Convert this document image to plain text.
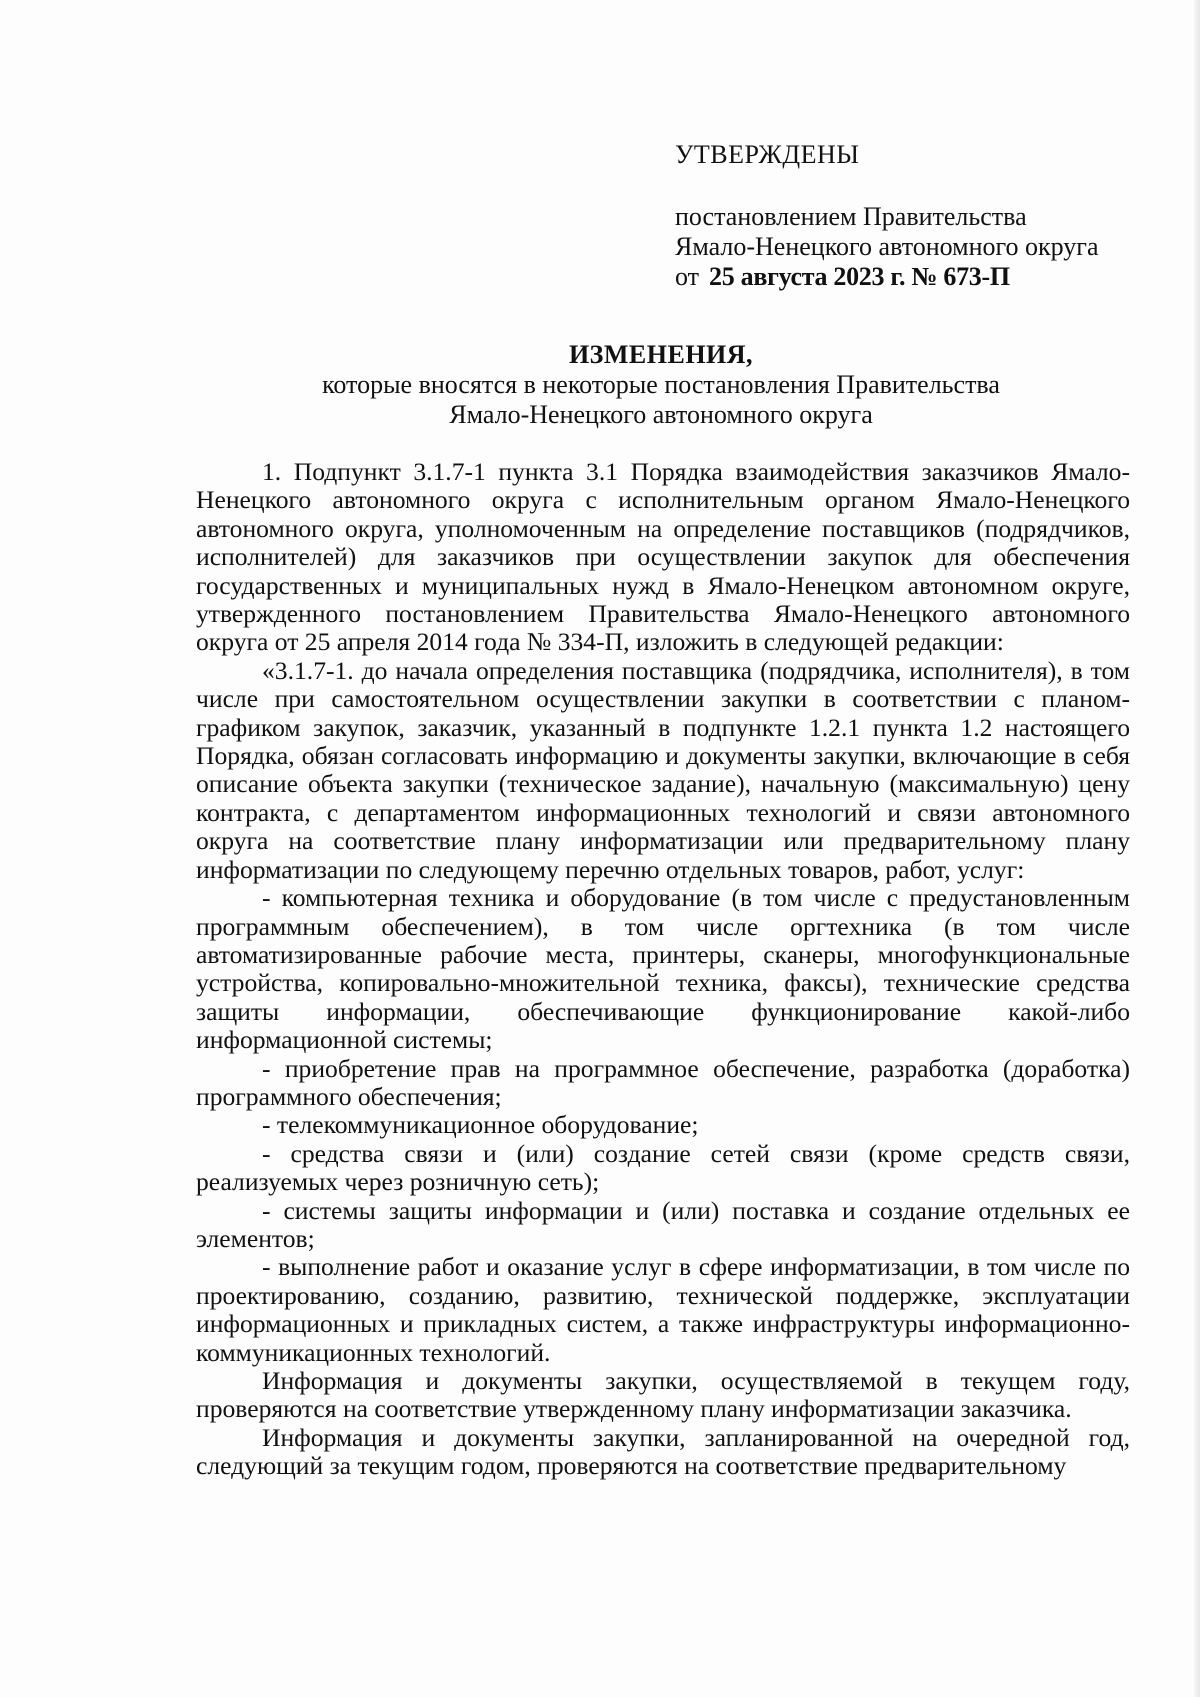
УТВЕРЖДЕНЫ

постановлением Правительства

Ямало-Ненецкого автономного округа

от 25 августа 2023 г. № 673-П

ИЗМЕНЕНИЯ,

которые вносятся в некоторые постановления Правительства

Ямало-Ненецкого автономного округа

1. Подпункт 3.1.7-1 пункта 3.1 Порядка взаимодействия заказчиков Ямало-Ненецкого автономного округа с исполнительным органом Ямало-Ненецкого автономного округа, уполномоченным на определение поставщиков (подрядчиков, исполнителей) для заказчиков при осуществлении закупок для обеспечения государственных и муниципальных нужд в Ямало-Ненецком автономном округе, утвержденного постановлением Правительства Ямало-Ненецкого автономного округа от 25 апреля 2014 года № 334-П, изложить в следующей редакции:

«3.1.7-1. до начала определения поставщика (подрядчика, исполнителя), в том числе при самостоятельном осуществлении закупки в соответствии с планом-графиком закупок, заказчик, указанный в подпункте 1.2.1 пункта 1.2 настоящего Порядка, обязан согласовать информацию и документы закупки, включающие в себя описание объекта закупки (техническое задание), начальную (максимальную) цену контракта, с департаментом информационных технологий и связи автономного округа на соответствие плану информатизации или предварительному плану информатизации по следующему перечню отдельных товаров, работ, услуг:

- компьютерная техника и оборудование (в том числе с предустановленным программным обеспечением), в том числе оргтехника (в том числе автоматизированные рабочие места, принтеры, сканеры, многофункциональные устройства, копировально-множительной техника, факсы), технические средства защиты информации, обеспечивающие функционирование какой-либо информационной системы;

- приобретение прав на программное обеспечение, разработка (доработка) программного обеспечения;

- телекоммуникационное оборудование;

- средства связи и (или) создание сетей связи (кроме средств связи, реализуемых через розничную сеть);

- системы защиты информации и (или) поставка и создание отдельных ее элементов;

- выполнение работ и оказание услуг в сфере информатизации, в том числе по проектированию, созданию, развитию, технической поддержке, эксплуатации информационных и прикладных систем, а также инфраструктуры информационно-коммуникационных технологий.

Информация и документы закупки, осуществляемой в текущем году, проверяются на соответствие утвержденному плану информатизации заказчика.

Информация и документы закупки, запланированной на очередной год, следующий за текущим годом, проверяются на соответствие предварительному
